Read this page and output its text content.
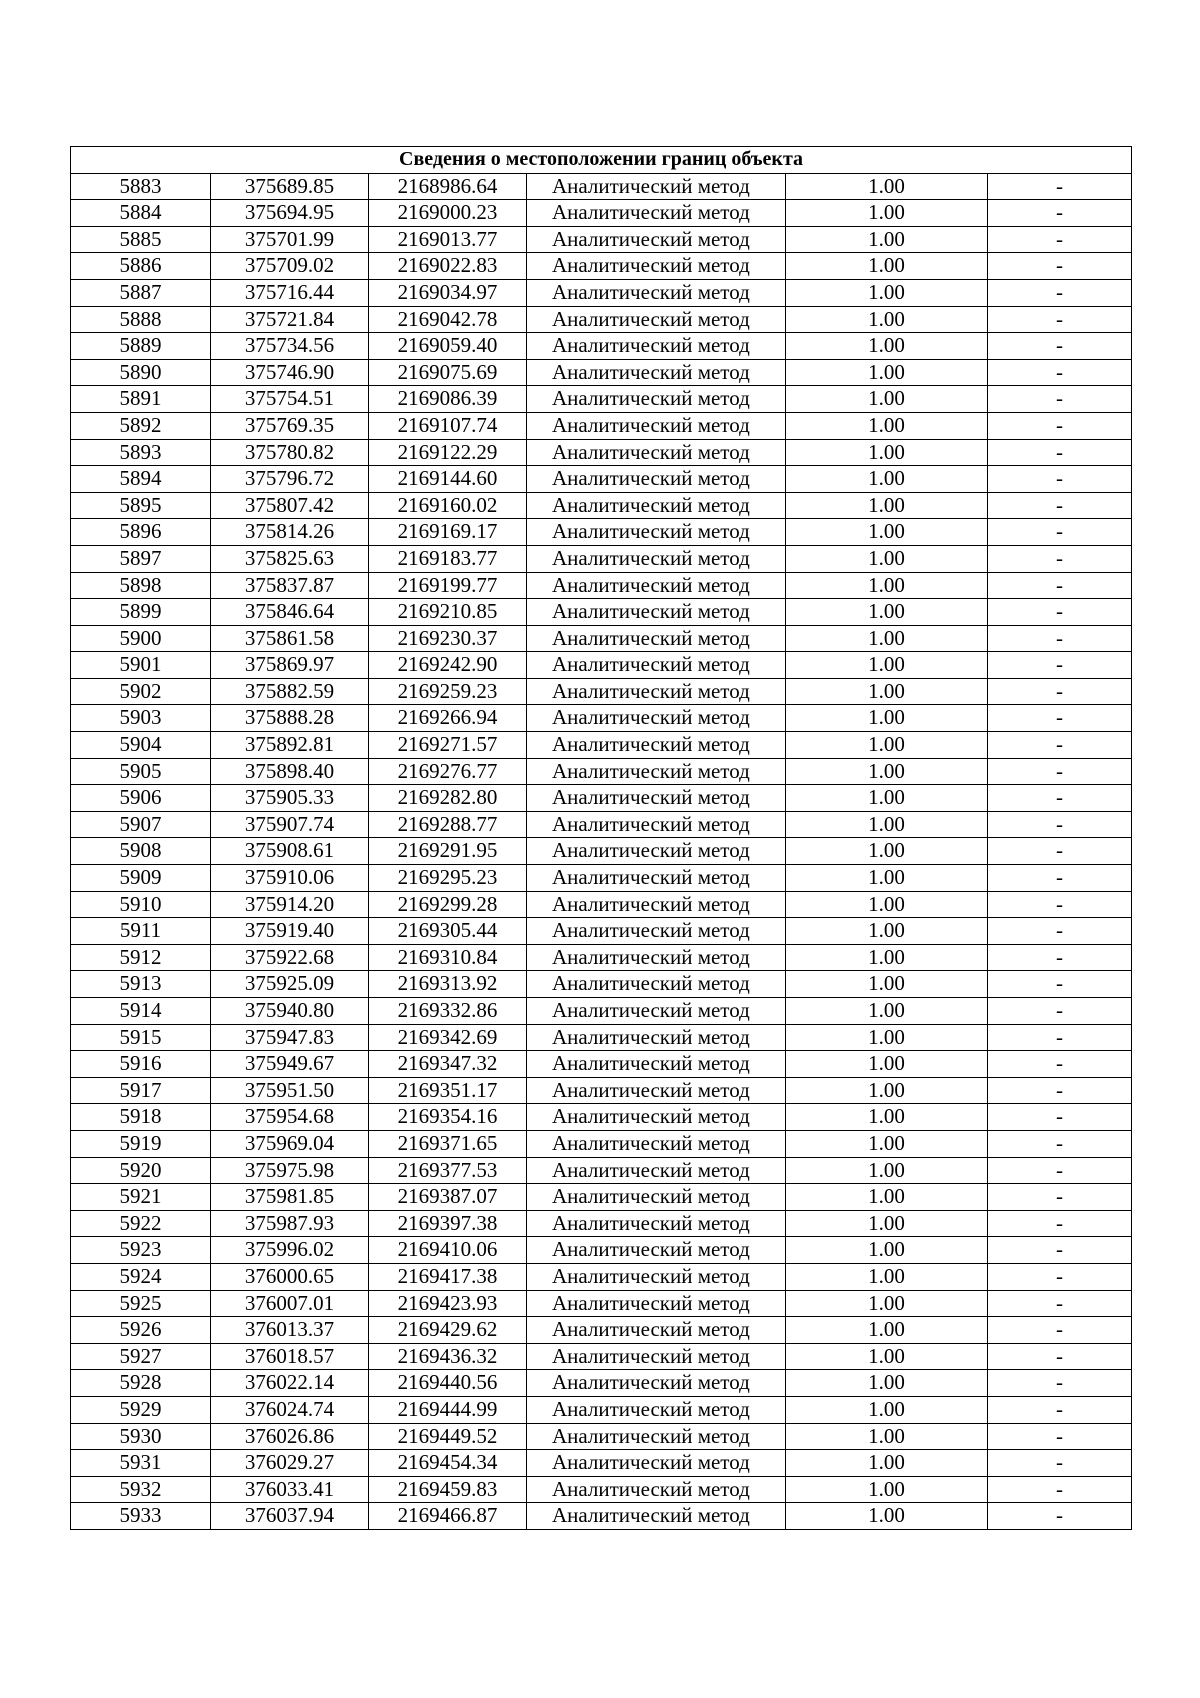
Сведения о местоположении границ объекта					
5883	375689.85	2168986.64	Аналитический метод	1.00	-
5884	375694.95	2169000.23	Аналитический метод	1.00	-
5885	375701.99	2169013.77	Аналитический метод	1.00	-
5886	375709.02	2169022.83	Аналитический метод	1.00	-
5887	375716.44	2169034.97	Аналитический метод	1.00	-
5888	375721.84	2169042.78	Аналитический метод	1.00	-
5889	375734.56	2169059.40	Аналитический метод	1.00	-
5890	375746.90	2169075.69	Аналитический метод	1.00	-
5891	375754.51	2169086.39	Аналитический метод	1.00	-
5892	375769.35	2169107.74	Аналитический метод	1.00	-
5893	375780.82	2169122.29	Аналитический метод	1.00	-
5894	375796.72	2169144.60	Аналитический метод	1.00	-
5895	375807.42	2169160.02	Аналитический метод	1.00	-
5896	375814.26	2169169.17	Аналитический метод	1.00	-
5897	375825.63	2169183.77	Аналитический метод	1.00	-
5898	375837.87	2169199.77	Аналитический метод	1.00	-
5899	375846.64	2169210.85	Аналитический метод	1.00	-
5900	375861.58	2169230.37	Аналитический метод	1.00	-
5901	375869.97	2169242.90	Аналитический метод	1.00	-
5902	375882.59	2169259.23	Аналитический метод	1.00	-
5903	375888.28	2169266.94	Аналитический метод	1.00	-
5904	375892.81	2169271.57	Аналитический метод	1.00	-
5905	375898.40	2169276.77	Аналитический метод	1.00	-
5906	375905.33	2169282.80	Аналитический метод	1.00	-
5907	375907.74	2169288.77	Аналитический метод	1.00	-
5908	375908.61	2169291.95	Аналитический метод	1.00	-
5909	375910.06	2169295.23	Аналитический метод	1.00	-
5910	375914.20	2169299.28	Аналитический метод	1.00	-
5911	375919.40	2169305.44	Аналитический метод	1.00	-
5912	375922.68	2169310.84	Аналитический метод	1.00	-
5913	375925.09	2169313.92	Аналитический метод	1.00	-
5914	375940.80	2169332.86	Аналитический метод	1.00	-
5915	375947.83	2169342.69	Аналитический метод	1.00	-
5916	375949.67	2169347.32	Аналитический метод	1.00	-
5917	375951.50	2169351.17	Аналитический метод	1.00	-
5918	375954.68	2169354.16	Аналитический метод	1.00	-
5919	375969.04	2169371.65	Аналитический метод	1.00	-
5920	375975.98	2169377.53	Аналитический метод	1.00	-
5921	375981.85	2169387.07	Аналитический метод	1.00	-
5922	375987.93	2169397.38	Аналитический метод	1.00	-
5923	375996.02	2169410.06	Аналитический метод	1.00	-
5924	376000.65	2169417.38	Аналитический метод	1.00	-
5925	376007.01	2169423.93	Аналитический метод	1.00	-
5926	376013.37	2169429.62	Аналитический метод	1.00	-
5927	376018.57	2169436.32	Аналитический метод	1.00	-
5928	376022.14	2169440.56	Аналитический метод	1.00	-
5929	376024.74	2169444.99	Аналитический метод	1.00	-
5930	376026.86	2169449.52	Аналитический метод	1.00	-
5931	376029.27	2169454.34	Аналитический метод	1.00	-
5932	376033.41	2169459.83	Аналитический метод	1.00	-
5933	376037.94	2169466.87	Аналитический метод	1.00	-
